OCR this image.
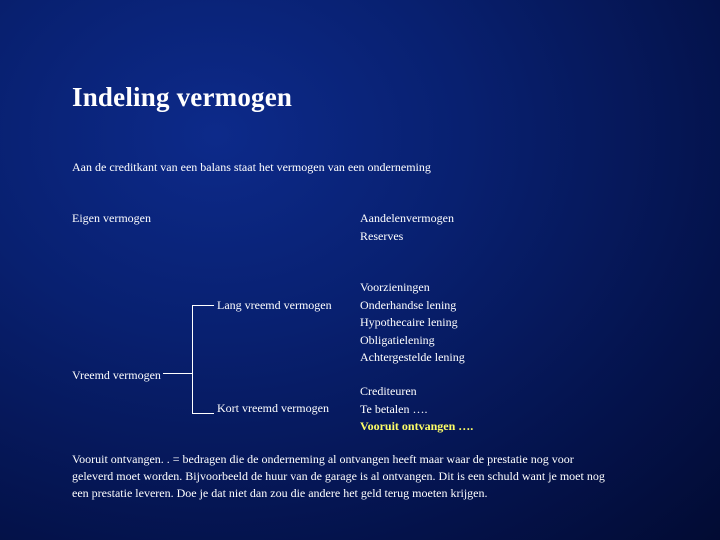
Indeling vermogen
Aan de creditkant van een balans staat het vermogen van een onderneming
Eigen vermogen	Aandelenvermogen
Reserves
Vreemd vermogen
Lang vreemd vermogen
Voorzieningen
Onderhandse lening
Hypothecaire lening
Obligatielening
Achtergestelde lening
Kort vreemd vermogen
Crediteuren
Te betalen ….
Vooruit ontvangen ….
Vooruit ontvangen. . = bedragen die de onderneming al ontvangen heeft maar waar de prestatie nog voor geleverd moet worden. Bijvoorbeeld de huur van de garage is al ontvangen. Dit is een schuld want je moet nog een prestatie leveren. Doe je dat niet dan zou die andere het geld terug moeten krijgen.
